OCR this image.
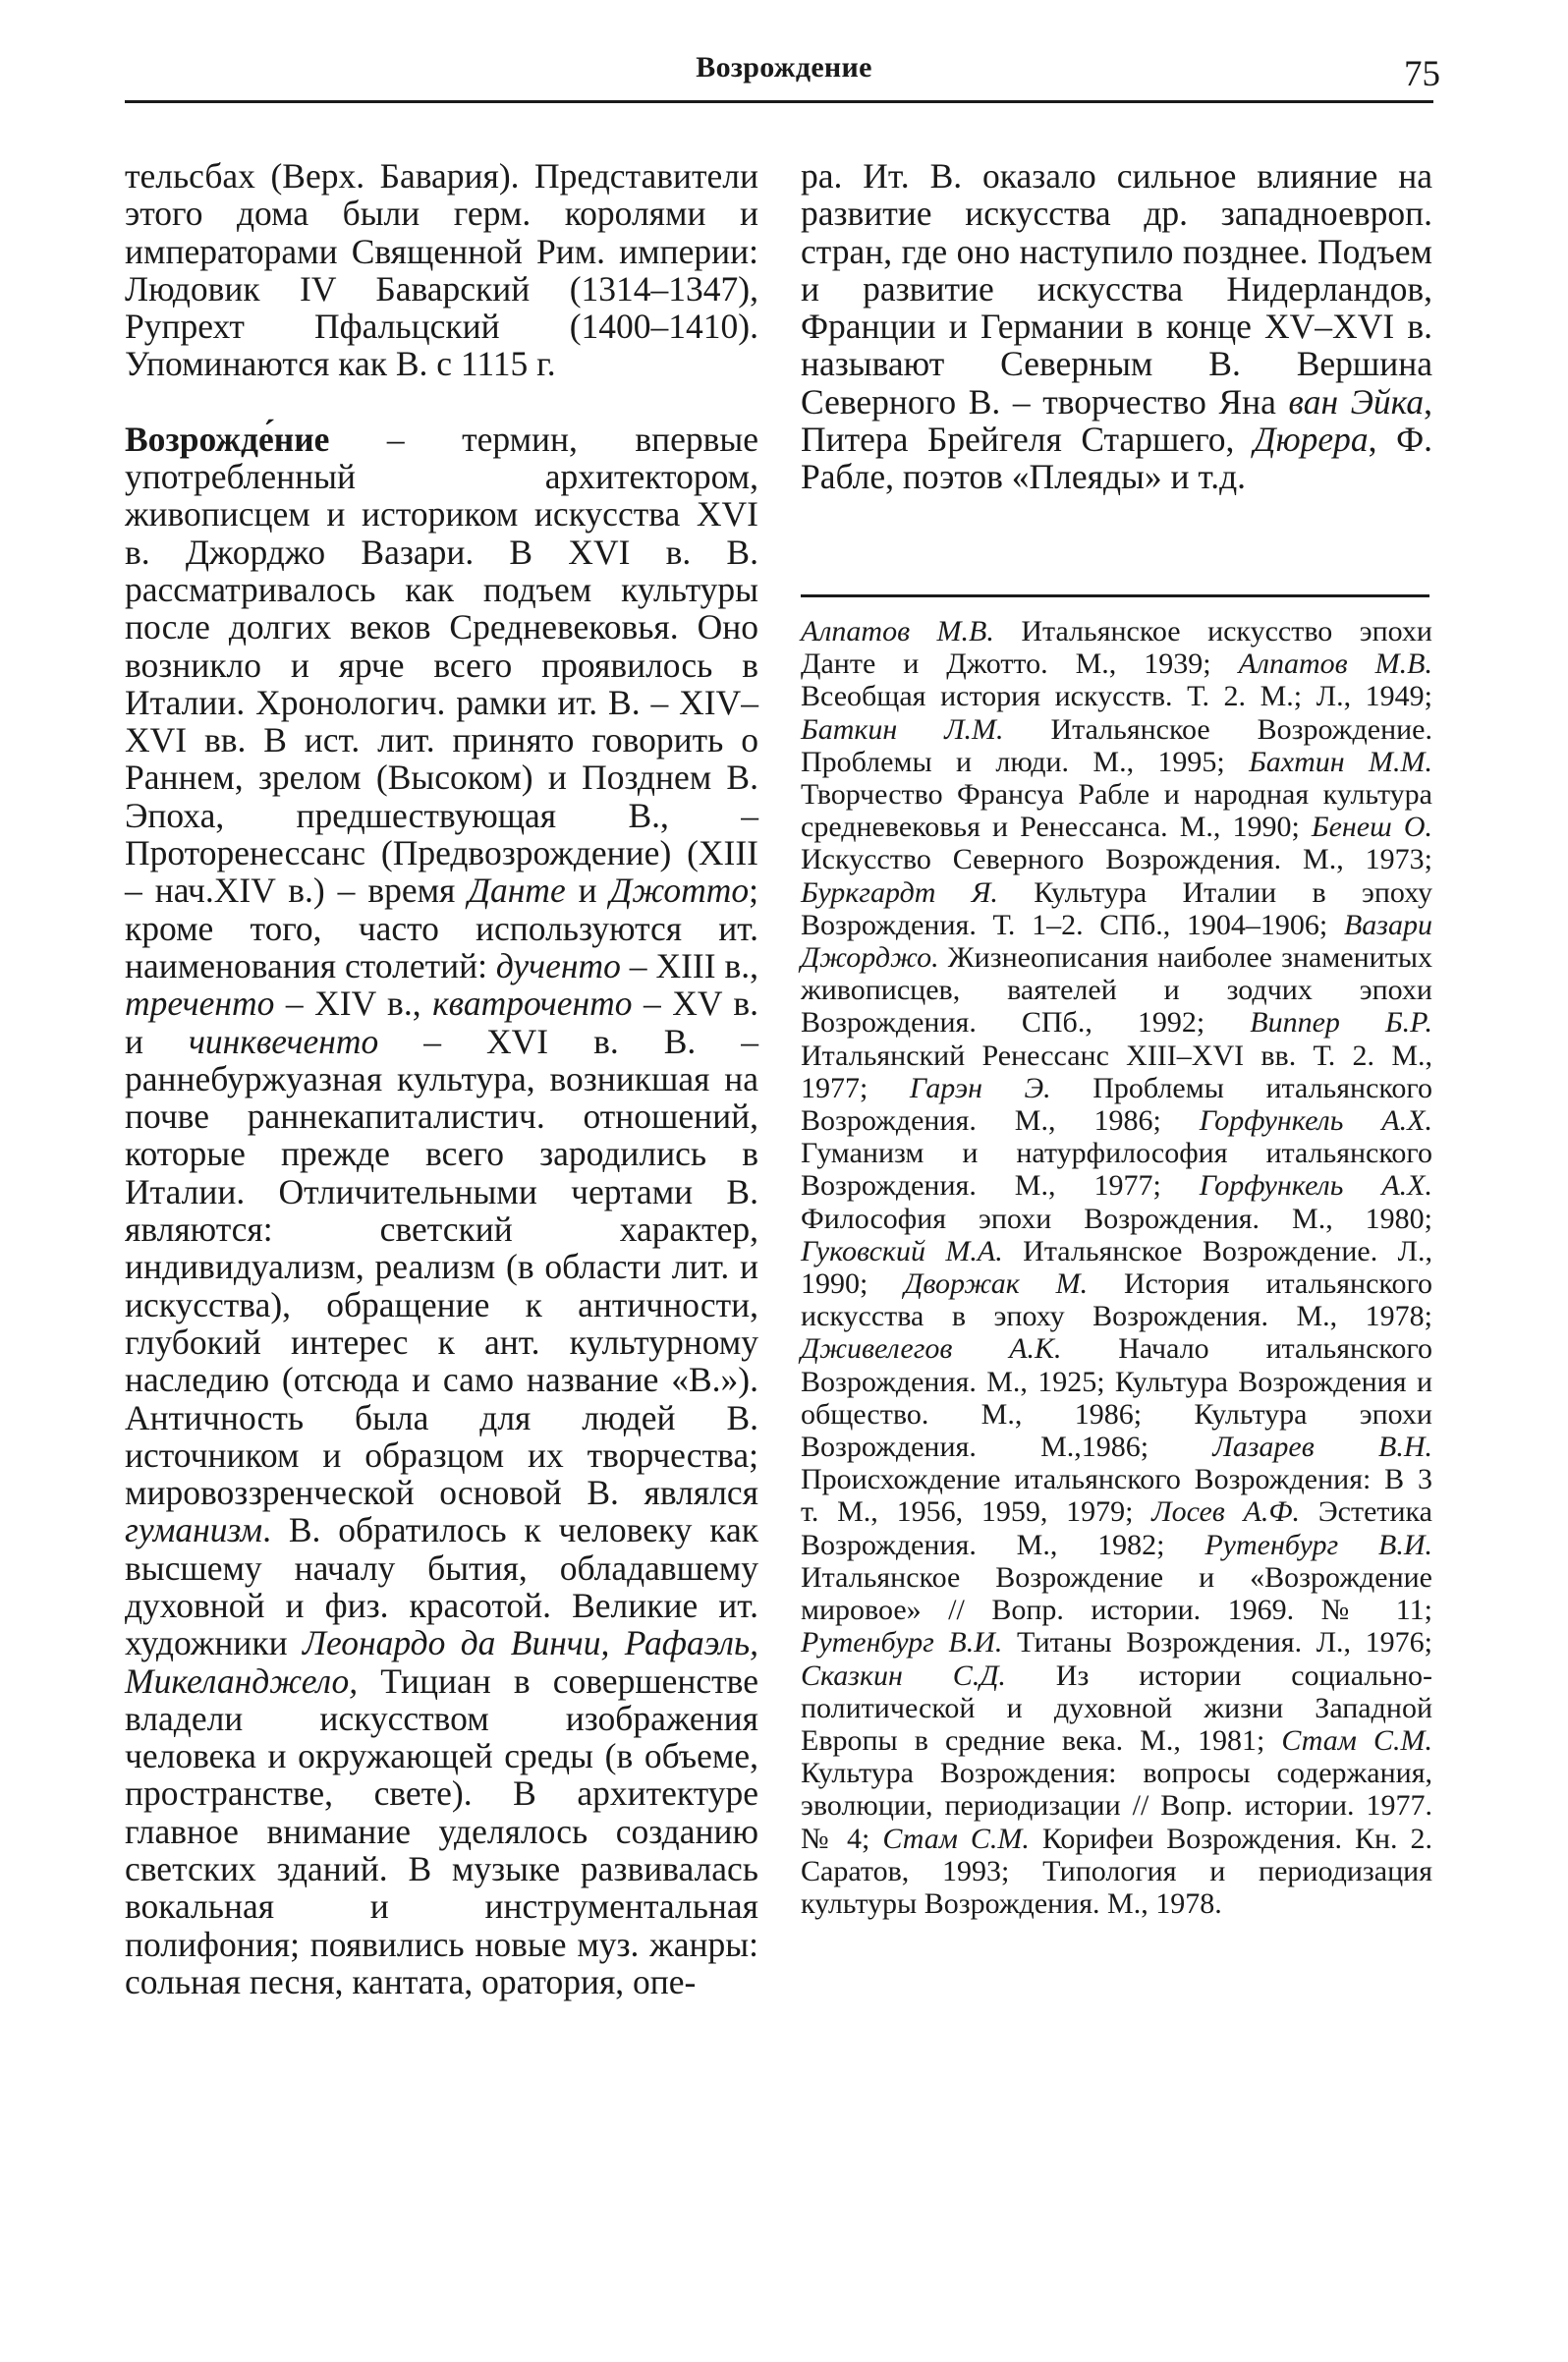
Возрождение	75

тельсбах (Верх. Бавария). Представители этого дома были герм. королями и императорами Священной Рим. империи: Людовик IV Баварский (1314–1347), Рупрехт Пфальцский (1400–1410). Упоминаются как В. с 1115 г.

Возрожде́ние – термин, впервые употребленный архитектором, живописцем и историком искусства XVI в. Джорджо Вазари. В XVI в. В. рассматривалось как подъем культуры после долгих веков Средневековья. Оно возникло и ярче всего проявилось в Италии. Хронологич. рамки ит. В. – XIV–XVI вв. В ист. лит. принято говорить о Раннем, зрелом (Высоком) и Позднем В. Эпоха, предшествующая В., – Проторенессанс (Предвозрождение) (XIII – нач.XIV в.) – время Данте и Джотто; кроме того, часто используются ит. наименования столетий: дученто – XIII в., треченто – XIV в., кватроченто – XV в. и чинквеченто – XVI в. В. – раннебуржуазная культура, возникшая на почве раннекапиталистич. отношений, которые прежде всего зародились в Италии. Отличительными чертами В. являются: светский характер, индивидуализм, реализм (в области лит. и искусства), обращение к античности, глубокий интерес к ант. культурному наследию (отсюда и само название «В.»). Античность была для людей В. источником и образцом их творчества; мировоззренческой основой В. являлся гуманизм. В. обратилось к человеку как высшему началу бытия, обладавшему духовной и физ. красотой. Великие ит. художники Леонардо да Винчи, Рафаэль, Микеланджело, Тициан в совершенстве владели искусством изображения человека и окружающей среды (в объеме, пространстве, свете). В архитектуре главное внимание уделялось созданию светских зданий. В музыке развивалась вокальная и инструментальная полифония; появились новые муз. жанры: сольная песня, кантата, оратория, опе-

ра. Ит. В. оказало сильное влияние на развитие искусства др. западноевроп. стран, где оно наступило позднее. Подъем и развитие искусства Нидерландов, Франции и Германии в конце XV–XVI в. называют Северным В. Вершина Северного В. – творчество Яна ван Эйка, Питера Брейгеля Старшего, Дюрера, Ф. Рабле, поэтов «Плеяды» и т.д.

Алпатов М.В. Итальянское искусство эпохи Данте и Джотто. М., 1939; Алпатов М.В. Всеобщая история искусств. Т. 2. М.; Л., 1949; Баткин Л.М. Итальянское Возрождение. Проблемы и люди. М., 1995; Бахтин М.М. Творчество Франсуа Рабле и народная культура средневековья и Ренессанса. М., 1990; Бенеш О. Искусство Северного Возрождения. М., 1973; Буркгардт Я. Культура Италии в эпоху Возрождения. Т. 1–2. СПб., 1904–1906; Вазари Джорджо. Жизнеописания наиболее знаменитых живописцев, ваятелей и зодчих эпохи Возрождения. СПб., 1992; Виппер Б.Р. Итальянский Ренессанс XIII–XVI вв. Т. 2. М., 1977; Гарэн Э. Проблемы итальянского Возрождения. М., 1986; Горфункель А.Х. Гуманизм и натурфилософия итальянского Возрождения. М., 1977; Горфункель А.Х. Философия эпохи Возрождения. М., 1980; Гуковский М.А. Итальянское Возрождение. Л., 1990; Дворжак М. История итальянского искусства в эпоху Возрождения. М., 1978; Дживелегов А.К. Начало итальянского Возрождения. М., 1925; Культура Возрождения и общество. М., 1986; Культура эпохи Возрождения. М.,1986; Лазарев В.Н. Происхождение итальянского Возрождения: В 3 т. М., 1956, 1959, 1979; Лосев А.Ф. Эстетика Возрождения. М., 1982; Рутенбург В.И. Итальянское Возрождение и «Возрождение мировое» // Вопр. истории. 1969. № 11; Рутенбург В.И. Титаны Возрождения. Л., 1976; Сказкин С.Д. Из истории социально-политической и духовной жизни Западной Европы в средние века. М., 1981; Стам С.М. Культура Возрождения: вопросы содержания, эволюции, периодизации // Вопр. истории. 1977. № 4; Стам С.М. Корифеи Возрождения. Кн. 2. Саратов, 1993; Типология и периодизация культуры Возрождения. М., 1978.
